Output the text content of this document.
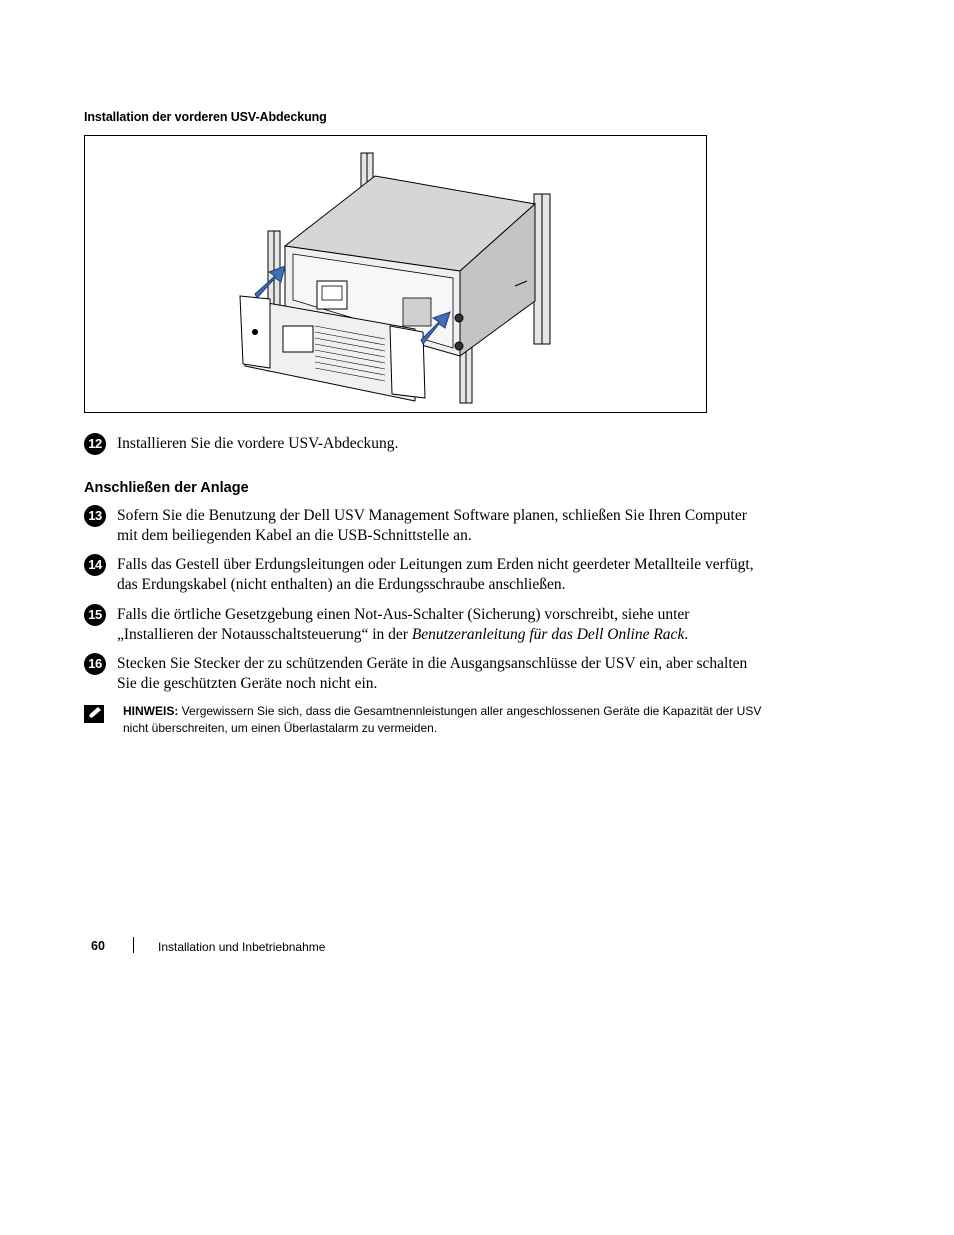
Installation der vorderen USV-Abdeckung
12 Installieren Sie die vordere USV-Abdeckung.
Anschließen der Anlage
13 Sofern Sie die Benutzung der Dell USV Management Software planen, schließen Sie Ihren Computer mit dem beiliegenden Kabel an die USB-Schnittstelle an.
14 Falls das Gestell über Erdungsleitungen oder Leitungen zum Erden nicht geerdeter Metallteile verfügt, das Erdungskabel (nicht enthalten) an die Erdungsschraube anschließen.
15 Falls die örtliche Gesetzgebung einen Not-Aus-Schalter (Sicherung) vorschreibt, siehe unter „Installieren der Notausschaltsteuerung“ in der Benutzeranleitung für das Dell Online Rack.
16 Stecken Sie Stecker der zu schützenden Geräte in die Ausgangsanschlüsse der USV ein, aber schalten Sie die geschützten Geräte noch nicht ein.
HINWEIS: Vergewissern Sie sich, dass die Gesamtnennleistungen aller angeschlossenen Geräte die Kapazität der USV nicht überschreiten, um einen Überlastalarm zu vermeiden.
60	Installation und Inbetriebnahme
